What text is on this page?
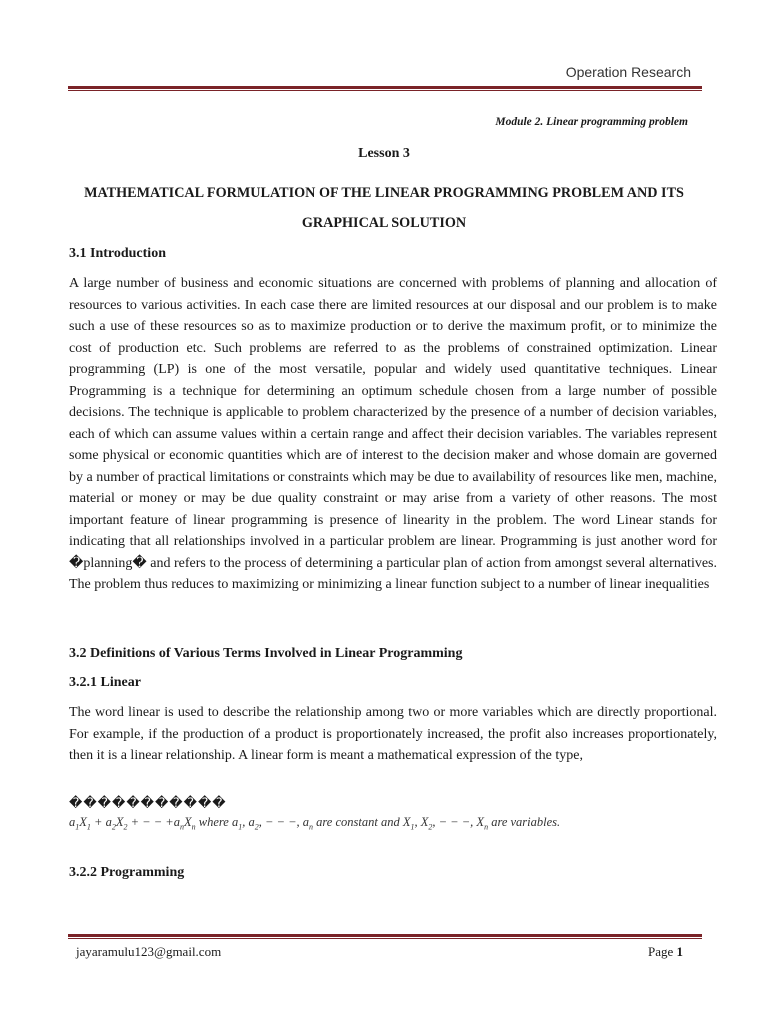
Operation Research
Module 2. Linear programming problem
Lesson 3
MATHEMATICAL FORMULATION OF THE LINEAR PROGRAMMING PROBLEM AND ITS
GRAPHICAL SOLUTION
3.1 Introduction

A large number of business and economic situations are concerned with problems of planning and allocation of resources to various activities. In each case there are limited resources at our disposal and our problem is to make such a use of these resources so as to maximize production or to derive the maximum profit, or to minimize the cost of production etc. Such problems are referred to as the problems of constrained optimization. Linear programming (LP) is one of the most versatile, popular and widely used quantitative techniques. Linear Programming is a technique for determining an optimum schedule chosen from a large number of possible decisions. The technique is applicable to problem characterized by the presence of a number of decision variables, each of which can assume values within a certain range and affect their decision variables. The variables represent some physical or economic quantities which are of interest to the decision maker and whose domain are governed by a number of practical limitations or constraints which may be due to availability of resources like men, machine, material or money or may be due quality constraint or may arise from a variety of other reasons. The most important feature of linear programming is presence of linearity in the problem. The word Linear stands for indicating that all relationships involved in a particular problem are linear. Programming is just another word for �planning� and refers to the process of determining a particular plan of action from amongst several alternatives. The problem thus reduces to maximizing or minimizing a linear function subject to a number of linear inequalities

3.2 Definitions of Various Terms Involved in Linear Programming
3.2.1 Linear

The word linear is used to describe the relationship among two or more variables which are directly proportional. For example, if the production of a product is proportionately increased, the profit also increases proportionately, then it is a linear relationship. A linear form is meant a mathematical expression of the type,

�����������
$a_1X_1 + a_2X_2$ + − − $+a_nX_n$ where $a_1$, $a_2$, − − −, $a_n$ are constant and $X_1$, $X_2$, − − −, $X_n$ are variables.
3.2.2 Programming
jayaramulu123@gmail.com	Page 1
